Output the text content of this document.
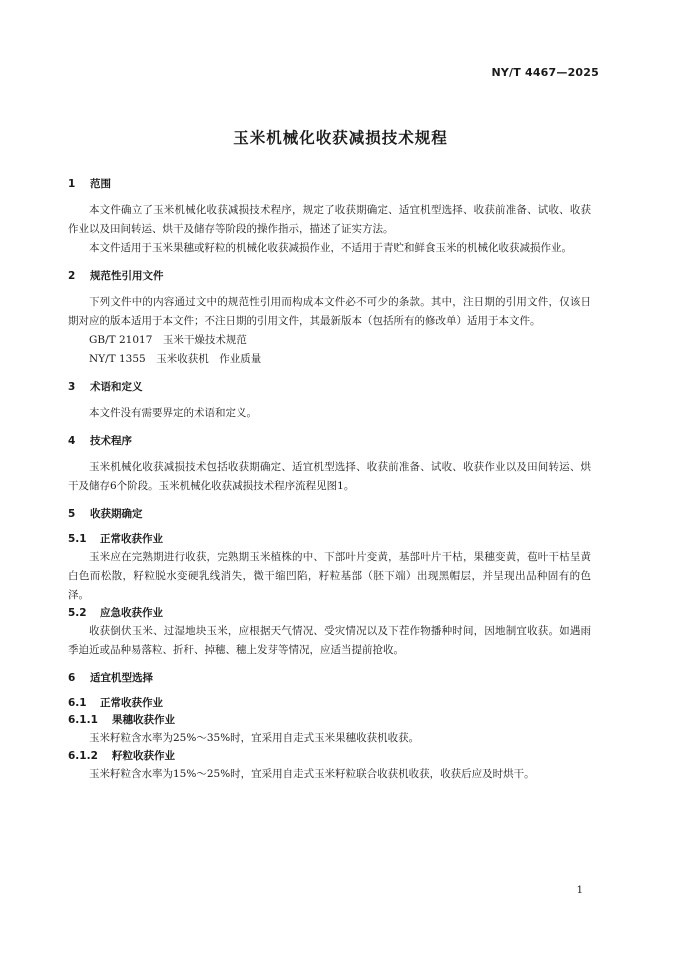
NY/T 4467—2025
玉米机械化收获减损技术规程
1 范围

本文件确立了玉米机械化收获减损技术程序，规定了收获期确定、适宜机型选择、收获前准备、试收、收获作业以及田间转运、烘干及储存等阶段的操作指示，描述了证实方法。

本文件适用于玉米果穗或籽粒的机械化收获减损作业，不适用于青贮和鲜食玉米的机械化收获减损作业。

2 规范性引用文件

下列文件中的内容通过文中的规范性引用而构成本文件必不可少的条款。其中，注日期的引用文件，仅该日期对应的版本适用于本文件；不注日期的引用文件，其最新版本（包括所有的修改单）适用于本文件。

GB/T 21017　玉米干燥技术规范
NY/T 1355　玉米收获机　作业质量
3 术语和定义

本文件没有需要界定的术语和定义。

4 技术程序

玉米机械化收获减损技术包括收获期确定、适宜机型选择、收获前准备、试收、收获作业以及田间转运、烘干及储存6个阶段。玉米机械化收获减损技术程序流程见图1。

5 收获期确定
5.1 正常收获作业

玉米应在完熟期进行收获，完熟期玉米植株的中、下部叶片变黄，基部叶片干枯，果穗变黄，苞叶干枯呈黄白色而松散，籽粒脱水变硬乳线消失，微干缩凹陷，籽粒基部（胚下端）出现黑帽层，并呈现出品种固有的色泽。

5.2 应急收获作业

收获倒伏玉米、过湿地块玉米，应根据天气情况、受灾情况以及下茬作物播种时间，因地制宜收获。如遇雨季迫近或品种易落粒、折秆、掉穗、穗上发芽等情况，应适当提前抢收。

6 适宜机型选择
6.1 正常收获作业
6.1.1 果穗收获作业

玉米籽粒含水率为25%～35%时，宜采用自走式玉米果穗收获机收获。

6.1.2 籽粒收获作业

玉米籽粒含水率为15%～25%时，宜采用自走式玉米籽粒联合收获机收获，收获后应及时烘干。

1
